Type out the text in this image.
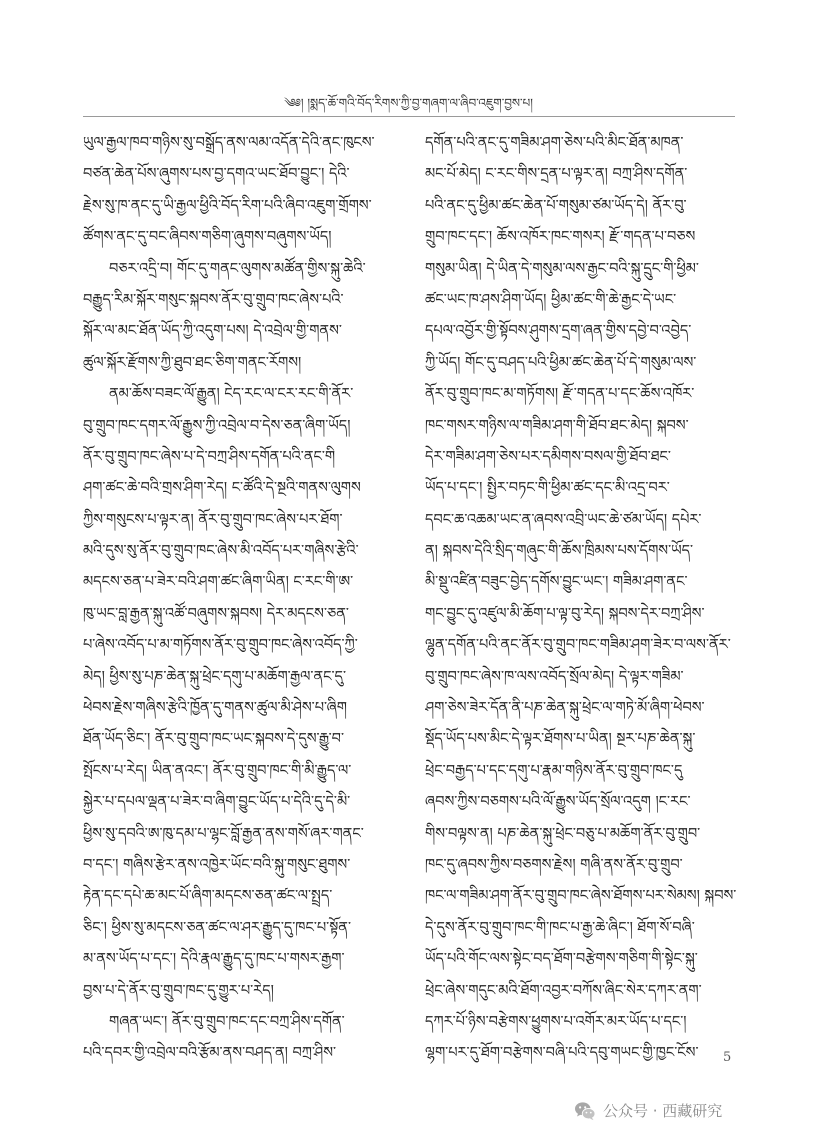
༄༅། །སྨད་ཆོ་གའི་བོད་རིགས་ཀྱི་བྱ་གཞག་ལ་ཞིབ་འཇུག་བྱས་པ།
ཡུལ་རྒྱལ་ཁབ་གཉིས་སུ་བསྒྲོད་ནས་ལམ་འདོན་དེའི་ནང་ཁུངས་
བཙན་ཆེན་པོས་ཞུགས་པས་བྱ་དགའ་ཡང་ཐོབ་བྱུང་། དེའི་
རྗེས་སུ་ཁ་ནང་དུ་ཡི་རྒྱལ་ཕྱིའི་བོད་རིག་པའི་ཞིབ་འཇུག་གྲོགས་
ཚོགས་ནང་དུ་བང་ཞིབས་གཅིག་ཞུགས་བཞུགས་ཡོད།
བཅར་འདྲི་བ། གོང་དུ་གནང་ལུགས་མཚོན་གྱིས་སྐུ་ཆེའི་
བརྒྱུད་རིམ་སྐོར་གསུང་སྐབས་ནོར་བུ་གྲུབ་ཁང་ཞེས་པའི་
སྐོར་ལ་མང་ཐོན་ཡོད་ཀྱི་འདུག་པས། དེ་འབྲེལ་གྱི་གནས་
ཚུལ་སྐོར་རྫོགས་ཀྱི་ཐུབ་ཐང་ཅིག་གནང་རོགས།
ནམ་ཆོས་བཟང་ལོ་རྒྱུན། ངེད་རང་ལ་ངར་རང་གི་ནོར་
བུ་གྲུབ་ཁང་དགར་ལོ་རྒྱུས་ཀྱི་འབྲེལ་བ་དེས་ཅན་ཞིག་ཡོད།
ནོར་བུ་གྲུབ་ཁང་ཞེས་པ་དེ་བཀྲ་ཤིས་དགོན་པའི་ནང་གི
ཤག་ཚང་ཆེ་བའི་གྲས་ཤིག་རེད། ང་ཚོའི་དེ་སྔའི་གནས་ལུགས
ཀྱིས་གསུངས་པ་ལྟར་ན། ནོར་བུ་གྲུབ་ཁང་ཞེས་པར་ཐོག་
མའི་དུས་སུ་ནོར་བུ་གྲུབ་ཁང་ཞེས་མི་འབོད་པར་གཞིས་རྩེའི་
མདངས་ཅན་པ་ཟེར་བའི་ཤག་ཚང་ཞིག་ཡིན། ང་རང་གི་ཨ་
ཁུ་ཡང་བླ་རྒྱན་སྐུ་འཚོ་བཞུགས་སྐབས། དེར་མདངས་ཅན་
པ་ཞེས་འབོད་པ་མ་གཏོགས་ནོར་བུ་གྲུབ་ཁང་ཞེས་འབོད་ཀྱི་
མེད། ཕྱིས་སུ་པཎ་ཆེན་སྐུ་ཕྲེང་དགུ་པ་མཆོག་རྒྱལ་ནང་དུ་
ཕེབས་རྗེས་གཞིས་རྩེའི་ཁྱོན་དུ་གནས་ཚུལ་མི་ཤེས་པ་ཞིག
ཐོན་ཡོད་ཅིང་། ནོར་བུ་གྲུབ་ཁང་ཡང་སྐབས་དེ་དུས་རྒྱུ་བ་
སྤོངས་པ་རེད། ཡིན་ནའང་། ནོར་བུ་གྲུབ་ཁང་གི་མི་རྒྱུད་ལ་
སྐྱེར་པ་དཔལ་ལྡན་པ་ཟེར་བ་ཞིག་བྱུང་ཡོད་པ་དེའི་དུ་དེ་མི་
ཕྱིས་སུ་དབའི་ཨ་ཁུ་དམ་པ་ལྷང་བློ་རྒྱན་ནས་གསོ་ཞར་གནང་
བ་དང་། གཞིས་རྩེར་ནས་འཁྱེར་ཡོང་བའི་སྐུ་གསུང་ཐུགས་
རྟེན་དང་དཔེ་ཆ་མང་པོ་ཞིག་མདངས་ཅན་ཚང་ལ་སྤྲད་
ཅིང་། ཕྱིས་སུ་མདངས་ཅན་ཚང་ལ་ཤར་རྒྱུད་དུ་ཁང་པ་སྟོན་
མ་ནས་ཡོད་པ་དང་། དེའི་རྣལ་རྒྱུད་དུ་ཁང་པ་གསར་རྒྱག་
བྱས་པ་དེ་ནོར་བུ་གྲུབ་ཁང་དུ་གྱུར་པ་རེད།
གཞན་ཡང་། ནོར་བུ་གྲུབ་ཁང་དང་བཀྲ་ཤིས་དགོན་
པའི་དབར་གྱི་འབྲེལ་བའི་རྩོམ་ནས་བཤད་ན། བཀྲ་ཤིས་
དགོན་པའི་ནང་དུ་གཟིམ་ཤག་ཅེས་པའི་མིང་ཐོན་མཁན་
མང་པོ་མེད། ང་རང་གིས་དྲན་པ་ལྟར་ན། བཀྲ་ཤིས་དགོན་
པའི་ནང་དུ་ཕྱིམ་ཚང་ཆེན་པོ་གསུམ་ཙམ་ཡོད་དེ། ནོར་བུ་
གྲུབ་ཁང་དང་། ཆོས་འཁོར་ཁང་གསར། རྫོ་གདན་པ་བཅས
གསུམ་ཡིན། དེ་ཡིན་དེ་གསུམ་ལས་རྒྱང་བའི་སྐུ་དྲུང་གི་ཕྱིམ་
ཚང་ཡང་ཁ་ཤས་ཤིག་ཡོད། ཕྱིམ་ཚང་གི་ཆེ་རྒྱང་དེ་ཡང་
དཔལ་འབྱོར་གྱི་སྟོབས་ཤུགས་དྲག་ཞན་གྱིས་དབྱེ་བ་འབྱེད་
ཀྱི་ཡོད། གོང་དུ་བཤད་པའི་ཕྱིམ་ཚང་ཆེན་པོ་དེ་གསུམ་ལས་
ནོར་བུ་གྲུབ་ཁང་མ་གཏོགས། རྫོ་གདན་པ་དང་ཆོས་འཁོར་
ཁང་གསར་གཉིས་ལ་གཟིམ་ཤག་གི་ཐོབ་ཐང་མེད། སྐབས་
དེར་གཟིམ་ཤག་ཅེས་པར་དམིགས་བསལ་གྱི་ཐོབ་ཐང་
ཡོད་པ་དང་། སྤྱིར་བཏང་གི་ཕྱིམ་ཚང་དང་མི་འདྲ་བར་
དབང་ཆ་འཆམ་ཡང་ན་ཞབས་འབྲི་ཡང་ཆེ་ཙམ་ཡོད། དཔེར་
ན། སྐབས་དེའི་སྲིད་གཞུང་གི་ཆོས་ཁྲིམས་པས་དོགས་ཡོད་
མི་སྡུ་འཛིན་བཟུང་བྱེད་དགོས་བྱུང་ཡང་། གཟིམ་ཤག་ནང་
གང་བྱུང་དུ་འཛུལ་མི་ཆོག་པ་ལྟ་བུ་རེད། སྐབས་དེར་བཀྲ་ཤིས་
ལྷུན་དགོན་པའི་ནང་ནོར་བུ་གྲུབ་ཁང་གཟིམ་ཤག་ཟེར་བ་ལས་ནོར་
བུ་གྲུབ་ཁང་ཞེས་ཁ་ལས་འབོད་སྲོལ་མེད། དེ་ལྟར་གཟིམ་
ཤག་ཅེས་ཟེར་དོན་ནི་པཎ་ཆེན་སྐུ་ཕྲེང་ལ་གཏེ་མོ་ཞིག་ཕེབས་
སྡོད་ཡོད་པས་མིང་དེ་ལྟར་ཐོགས་པ་ཡིན། སྔར་པཎ་ཆེན་སྐུ་
ཕྲེང་བརྒྱད་པ་དང་དགུ་པ་རྣམ་གཉིས་ནོར་བུ་གྲུབ་ཁང་དུ
ཞབས་ཀྱིས་བཅགས་པའི་ལོ་རྒྱུས་ཡོད་སྲོལ་འདུག །ང་རང་
གིས་བལྟས་ན། པཎ་ཆེན་སྐུ་ཕྲེང་བཅུ་པ་མཆོག་ནོར་བུ་གྲུབ་
ཁང་དུ་ཞབས་ཀྱིས་བཅགས་རྗེས། གཞི་ནས་ནོར་བུ་གྲུབ་
ཁང་ལ་གཟིམ་ཤག་ནོར་བུ་གྲུབ་ཁང་ཞེས་ཐོགས་པར་སེམས། སྐབས་
དེ་དུས་ནོར་བུ་གྲུབ་ཁང་གི་ཁང་པ་རྒྱ་ཆེ་ཞིང་། ཐོག་སོ་བཞི་
ཡོད་པའི་གོང་ལས་སྟེང་བད་ཐོག་བརྩེགས་གཅིག་གི་སྟེང་སྐུ་
ཕྲེང་ཞེས་གདུང་མའི་ཐོག་འབྱར་བཀོས་ཞིང་སེར་དཀར་ནག་
དཀར་པོ་ཉིས་བརྩེགས་ཕྱུགས་པ་འགོར་མར་ཡོད་པ་དང་།
ལྷག་པར་དུ་ཐོག་བརྩེགས་བཞི་པའི་དབུ་གཡང་གྱི་ཁྱང་ངོས་	5
公众号 · 西藏研究
